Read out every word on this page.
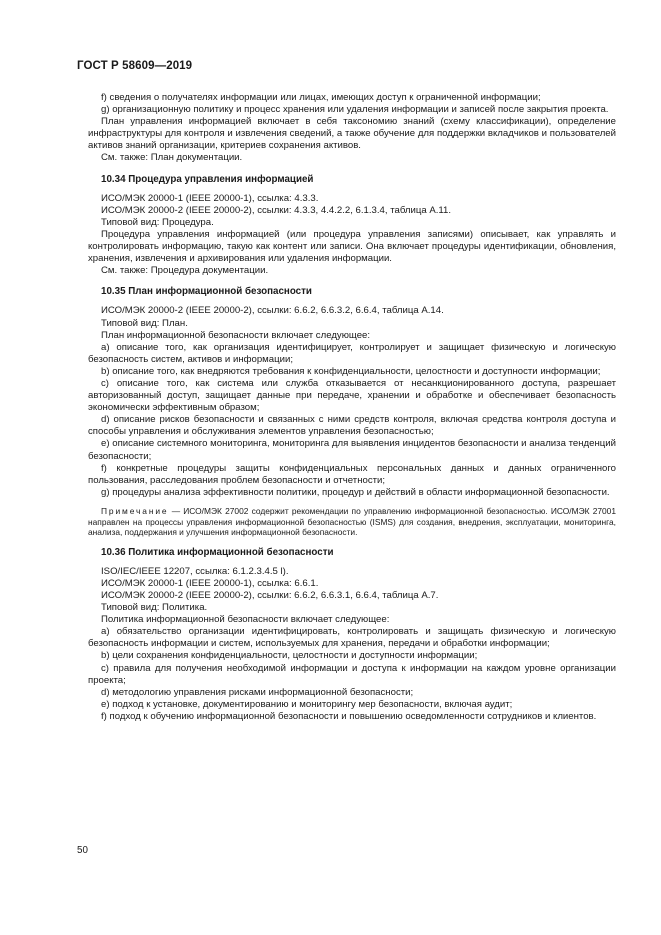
ГОСТ Р 58609—2019

f) сведения о получателях информации или лицах, имеющих доступ к ограниченной информации;

g) организационную политику и процесс хранения или удаления информации и записей после закрытия проекта.

План управления информацией включает в себя таксономию знаний (схему классификации), определение инфраструктуры для контроля и извлечения сведений, а также обучение для поддержки вкладчиков и пользователей активов знаний организации, критериев сохранения активов.

См. также: План документации.

10.34 Процедура управления информацией

ИСО/МЭК 20000-1 (IEEE 20000-1), ссылка: 4.3.3.

ИСО/МЭК 20000-2 (IEEE 20000-2), ссылки: 4.3.3, 4.4.2.2, 6.1.3.4, таблица А.11.

Типовой вид: Процедура.

Процедура управления информацией (или процедура управления записями) описывает, как управлять и контролировать информацию, такую как контент или записи. Она включает процедуры идентификации, обновления, хранения, извлечения и архивирования или удаления информации.

См. также: Процедура документации.

10.35 План информационной безопасности

ИСО/МЭК 20000-2 (IEEE 20000-2), ссылки: 6.6.2, 6.6.3.2, 6.6.4, таблица А.14.

Типовой вид: План.

План информационной безопасности включает следующее:

a) описание того, как организация идентифицирует, контролирует и защищает физическую и логическую безопасность систем, активов и информации;

b) описание того, как внедряются требования к конфиденциальности, целостности и доступности информации;

c) описание того, как система или служба отказывается от несанкционированного доступа, разрешает авторизованный доступ, защищает данные при передаче, хранении и обработке и обеспечивает безопасность экономически эффективным образом;

d) описание рисков безопасности и связанных с ними средств контроля, включая средства контроля доступа и способы управления и обслуживания элементов управления безопасностью;

e) описание системного мониторинга, мониторинга для выявления инцидентов безопасности и анализа тенденций безопасности;

f) конкретные процедуры защиты конфиденциальных персональных данных и данных ограниченного пользования, расследования проблем безопасности и отчетности;

g) процедуры анализа эффективности политики, процедур и действий в области информационной безопасности.

Примечание — ИСО/МЭК 27002 содержит рекомендации по управлению информационной безопасностью. ИСО/МЭК 27001 направлен на процессы управления информационной безопасностью (ISMS) для создания, внедрения, эксплуатации, мониторинга, анализа, поддержания и улучшения информационной безопасности.

10.36 Политика информационной безопасности

ISO/IEC/IEEE 12207, ссылка: 6.1.2.3.4.5 l).

ИСО/МЭК 20000-1 (IEEE 20000-1), ссылка: 6.6.1.

ИСО/МЭК 20000-2 (IEEE 20000-2), ссылки: 6.6.2, 6.6.3.1, 6.6.4, таблица А.7.

Типовой вид: Политика.

Политика информационной безопасности включает следующее:

a) обязательство организации идентифицировать, контролировать и защищать физическую и логическую безопасность информации и систем, используемых для хранения, передачи и обработки информации;

b) цели сохранения конфиденциальности, целостности и доступности информации;

c) правила для получения необходимой информации и доступа к информации на каждом уровне организации проекта;

d) методологию управления рисками информационной безопасности;

e) подход к установке, документированию и мониторингу мер безопасности, включая аудит;

f) подход к обучению информационной безопасности и повышению осведомленности сотрудников и клиентов.

50
